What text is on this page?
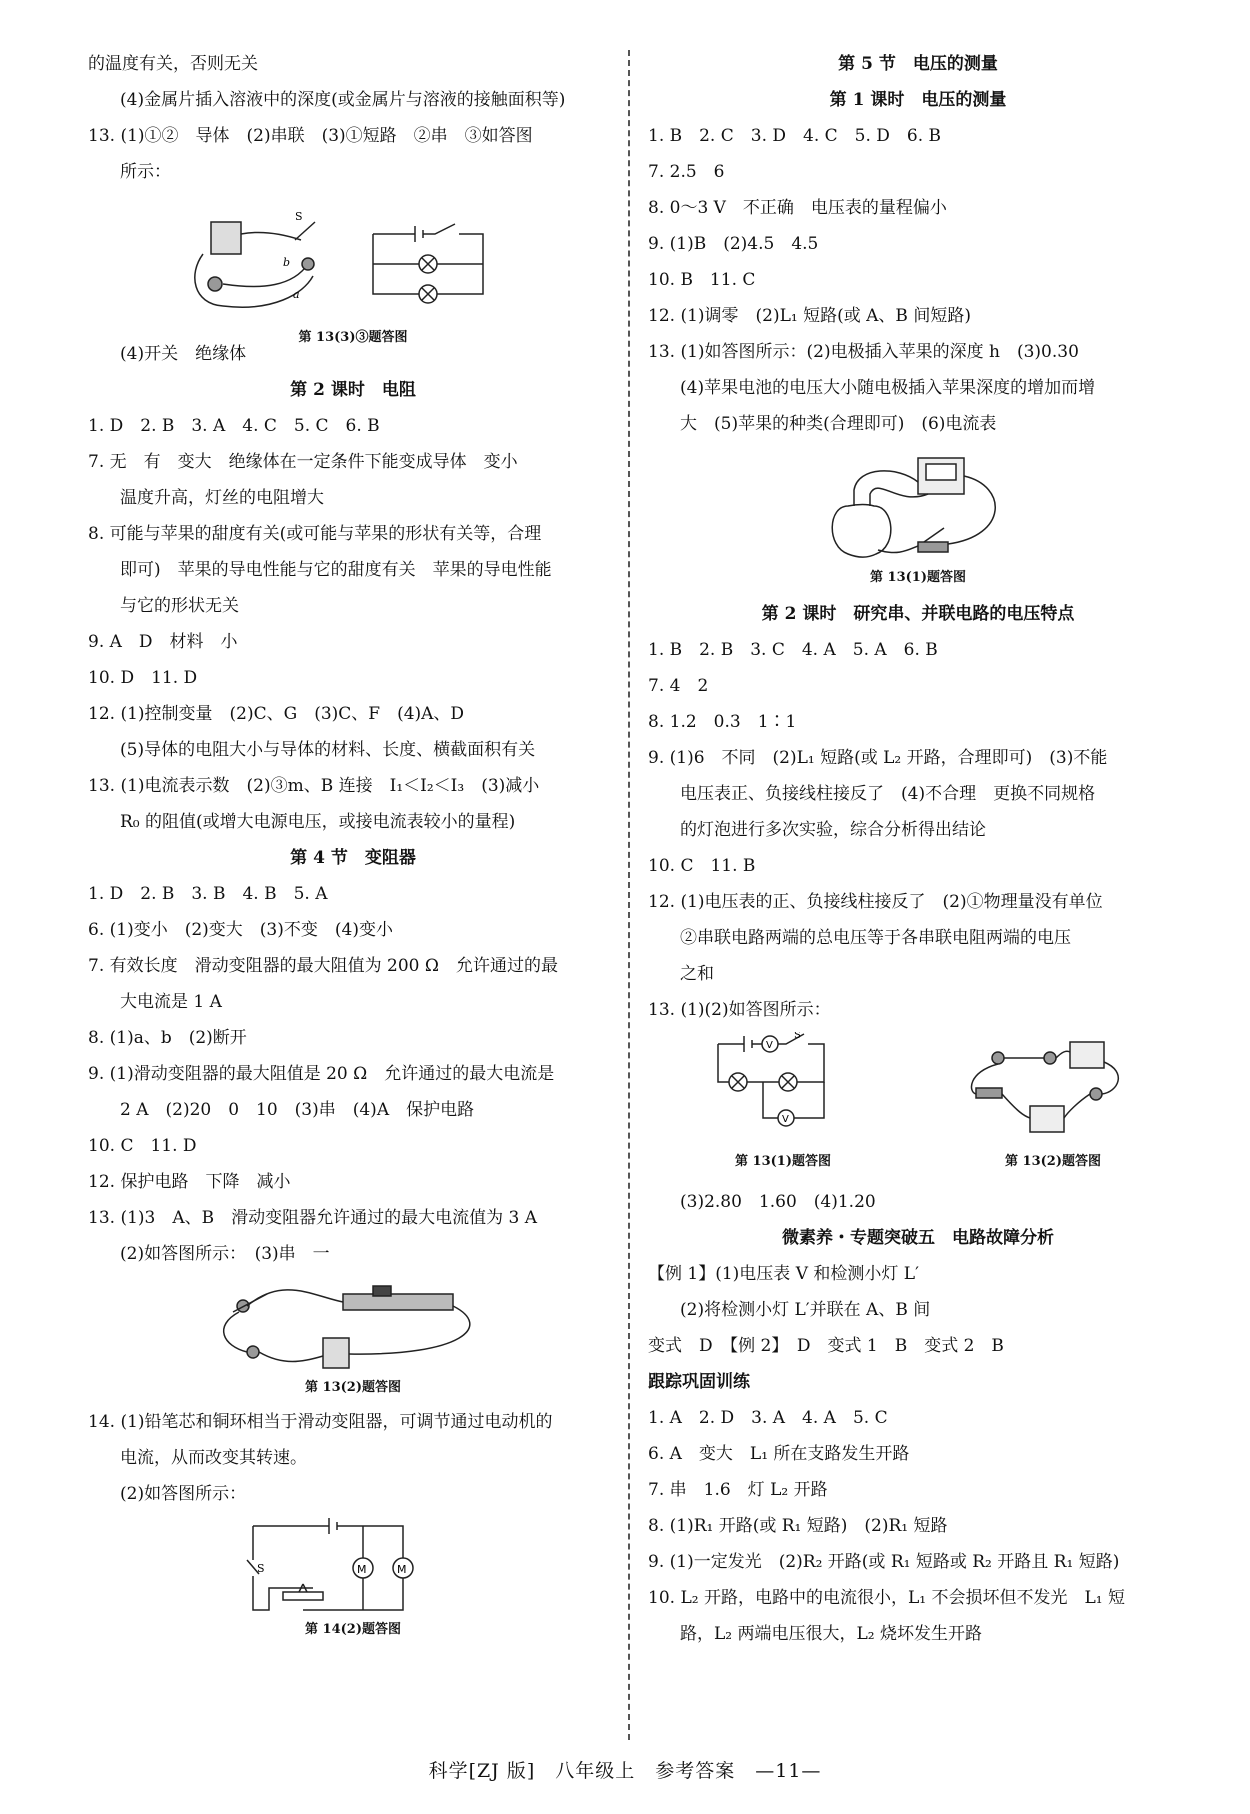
的温度有关，否则无关
(4)金属片插入溶液中的深度(或金属片与溶液的接触面积等)
13. (1)①②　导体　(2)串联　(3)①短路　②串　③如答图
所示：
S
b
a
第 13(3)③题答图
(4)开关　绝缘体
第 2 课时　电阻
1. D　2. B　3. A　4. C　5. C　6. B
7. 无　有　变大　绝缘体在一定条件下能变成导体　变小
温度升高，灯丝的电阻增大
8. 可能与苹果的甜度有关(或可能与苹果的形状有关等，合理
即可)　苹果的导电性能与它的甜度有关　苹果的导电性能
与它的形状无关
9. A　D　材料　小
10. D　11. D
12. (1)控制变量　(2)C、G　(3)C、F　(4)A、D
(5)导体的电阻大小与导体的材料、长度、横截面积有关
13. (1)电流表示数　(2)③m、B 连接　I₁＜I₂＜I₃　(3)减小
R₀ 的阻值(或增大电源电压，或接电流表较小的量程)
第 4 节　变阻器
1. D　2. B　3. B　4. B　5. A
6. (1)变小　(2)变大　(3)不变　(4)变小
7. 有效长度　滑动变阻器的最大阻值为 200 Ω　允许通过的最
大电流是 1 A
8. (1)a、b　(2)断开
9. (1)滑动变阻器的最大阻值是 20 Ω　允许通过的最大电流是
2 A　(2)20　0　10　(3)串　(4)A　保护电路
10. C　11. D
12. 保护电路　下降　减小
13. (1)3　A、B　滑动变阻器允许通过的最大电流值为 3 A
(2)如答图所示：　(3)串　一
第 13(2)题答图
14. (1)铅笔芯和铜环相当于滑动变阻器，可调节通过电动机的
电流，从而改变其转速。
(2)如答图所示：
M	M
S
第 14(2)题答图
第 5 节　电压的测量
第 1 课时　电压的测量
1. B　2. C　3. D　4. C　5. D　6. B
7. 2.5　6
8. 0～3 V　不正确　电压表的量程偏小
9. (1)B　(2)4.5　4.5
10. B　11. C
12. (1)调零　(2)L₁ 短路(或 A、B 间短路)
13. (1)如答图所示：(2)电极插入苹果的深度 h　(3)0.30
(4)苹果电池的电压大小随电极插入苹果深度的增加而增
大　(5)苹果的种类(合理即可)　(6)电流表
第 13(1)题答图
第 2 课时　研究串、并联电路的电压特点
1. B　2. B　3. C　4. A　5. A　6. B
7. 4　2
8. 1.2　0.3　1∶1
9. (1)6　不同　(2)L₁ 短路(或 L₂ 开路，合理即可)　(3)不能
电压表正、负接线柱接反了　(4)不合理　更换不同规格
的灯泡进行多次实验，综合分析得出结论
10. C　11. B
12. (1)电压表的正、负接线柱接反了　(2)①物理量没有单位
②串联电路两端的总电压等于各串联电阻两端的电压
之和
13. (1)(2)如答图所示：
V
V
S
第 13(1)题答图	第 13(2)题答图
(3)2.80　1.60　(4)1.20
微素养・专题突破五　电路故障分析
【例 1】(1)电压表 V 和检测小灯 L′
(2)将检测小灯 L′并联在 A、B 间
变式　D　【例 2】　D　变式 1　B　变式 2　B
跟踪巩固训练
1. A　2. D　3. A　4. A　5. C
6. A　变大　L₁ 所在支路发生开路
7. 串　1.6　灯 L₂ 开路
8. (1)R₁ 开路(或 R₁ 短路)　(2)R₁ 短路
9. (1)一定发光　(2)R₂ 开路(或 R₁ 短路或 R₂ 开路且 R₁ 短路)
10. L₂ 开路，电路中的电流很小，L₁ 不会损坏但不发光　L₁ 短
路，L₂ 两端电压很大，L₂ 烧坏发生开路
科学[ZJ 版]　八年级上　参考答案　—11—
